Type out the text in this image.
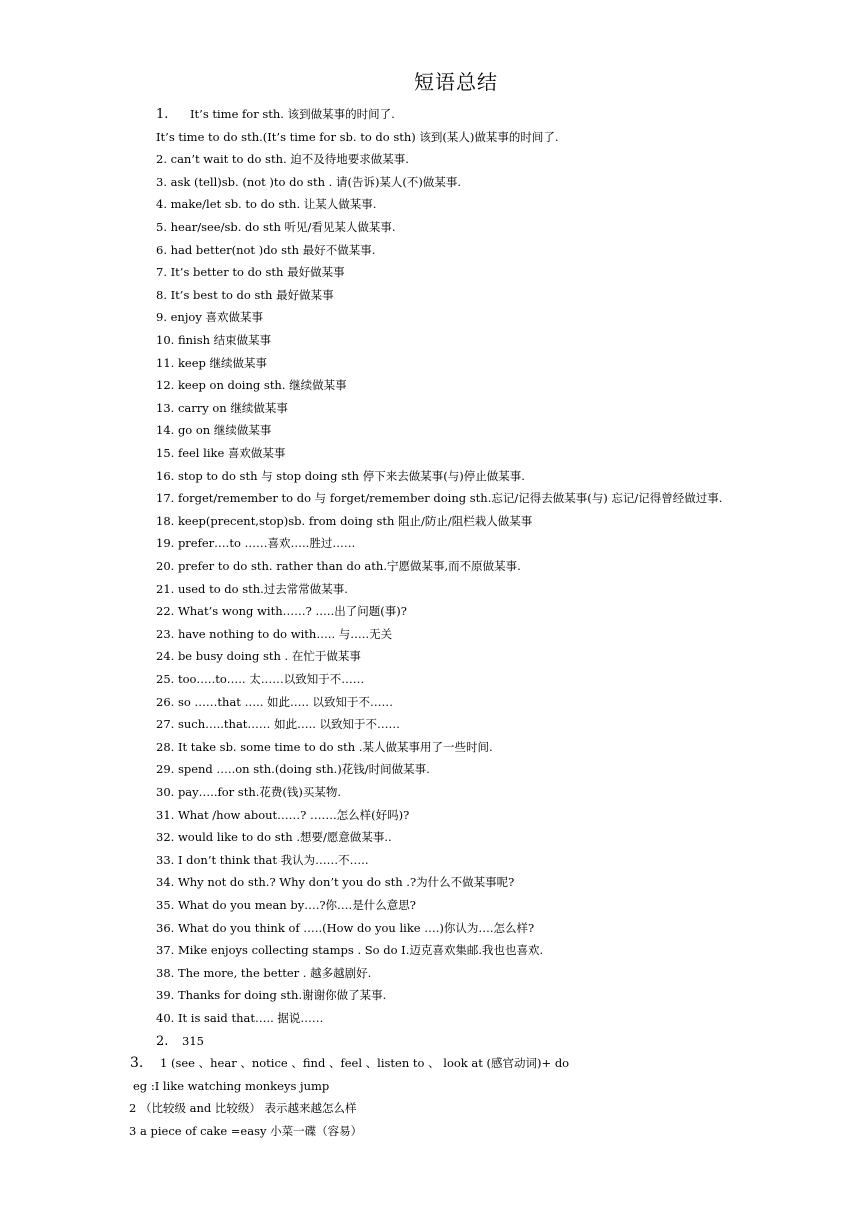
短语总结
1. It’s time for sth. 该到做某事的时间了.
It’s time to do sth.(It’s time for sb. to do sth) 该到(某人)做某事的时间了.
2. can’t wait to do sth. 迫不及待地要求做某事.
3. ask (tell)sb. (not )to do sth . 请(告诉)某人(不)做某事.
4. make/let sb. to do sth. 让某人做某事.
5. hear/see/sb. do sth 听见/看见某人做某事.
6. had better(not )do sth 最好不做某事.
7. It’s better to do sth 最好做某事
8. It’s best to do sth 最好做某事
9. enjoy 喜欢做某事
10. finish 结束做某事
11. keep 继续做某事
12. keep on doing sth. 继续做某事
13. carry on 继续做某事
14. go on 继续做某事
15. feel like 喜欢做某事
16. stop to do sth 与 stop doing sth 停下来去做某事(与)停止做某事.
17. forget/remember to do 与 forget/remember doing sth.忘记/记得去做某事(与) 忘记/记得曾经做过事.
18. keep(precent,stop)sb. from doing sth 阻止/防止/阻栏栽人做某事
19. prefer….to ……喜欢…..胜过……
20. prefer to do sth. rather than do ath.宁愿做某事,而不原做某事.
21. used to do sth.过去常常做某事.
22. What’s wong with……? …..出了问题(事)?
23. have nothing to do with….. 与…..无关
24. be busy doing sth . 在忙于做某事
25. too…..to….. 太……以致知于不……
26. so ……that ….. 如此….. 以致知于不……
27. such…..that…… 如此….. 以致知于不……
28. It take sb. some time to do sth .某人做某事用了一些时间.
29. spend …..on sth.(doing sth.)花钱/时间做某事.
30. pay…..for sth.花费(钱)买某物.
31. What /how about……? …….怎么样(好吗)?
32. would like to do sth .想要/愿意做某事..
33. I don’t think that 我认为……不…..
34. Why not do sth.? Why don’t you do sth .?为什么不做某事呢?
35. What do you mean by….?你….是什么意思?
36. What do you think of …..(How do you like ….)你认为….怎么样?
37. Mike enjoys collecting stamps . So do I.迈克喜欢集邮.我也也喜欢.
38. The more, the better . 越多越剧好.
39. Thanks for doing sth.谢谢你做了某事.
40. It is said that….. 据说……
2. 315
3. 1 (see 、hear 、notice 、find 、feel 、listen to 、 look at (感官动词)+ do
eg :I like watching monkeys jump
2 （比较级 and 比较级） 表示越来越怎么样
3 a piece of cake =easy 小菜一碟（容易）
